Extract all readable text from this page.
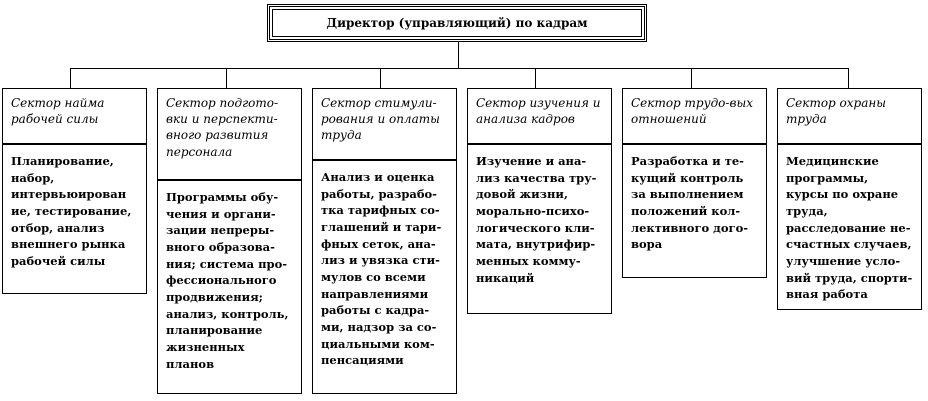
Директор (управляющий) по кадрам
Сектор найма рабочей силы
Планирование, набор, интервьюирован ие, тестирование, отбор, анализ внешнего рынка рабочей силы
Сектор подгото-вки и перспекти-вного развития персонала
Программы обу-чения и органи-зации непреры-вного образова-ния; система про-фессионального продвижения; анализ, контроль, планирование жизненных планов
Сектор стимули-рования и оплаты труда
Анализ и оценка работы, разрабо-тка тарифных со-глашений и тари-фных сеток, ана-лиз и увязка сти-мулов со всеми направлениями работы с кадра-ми, надзор за со-циальными ком-пенсациями
Сектор изучения и анализа кадров
Изучение и ана-лиз качества тру-довой жизни, морально-психо-логического кли-мата, внутрифир-менных комму-никаций
Сектор трудо-вых отношений
Разработка и те-кущий контроль за выполнением положений кол-лективного дого-вора
Сектор охраны труда
Медицинские программы, курсы по охране труда, расследование не-счастных случаев, улучшение усло-вий труда, спорти-вная работа
